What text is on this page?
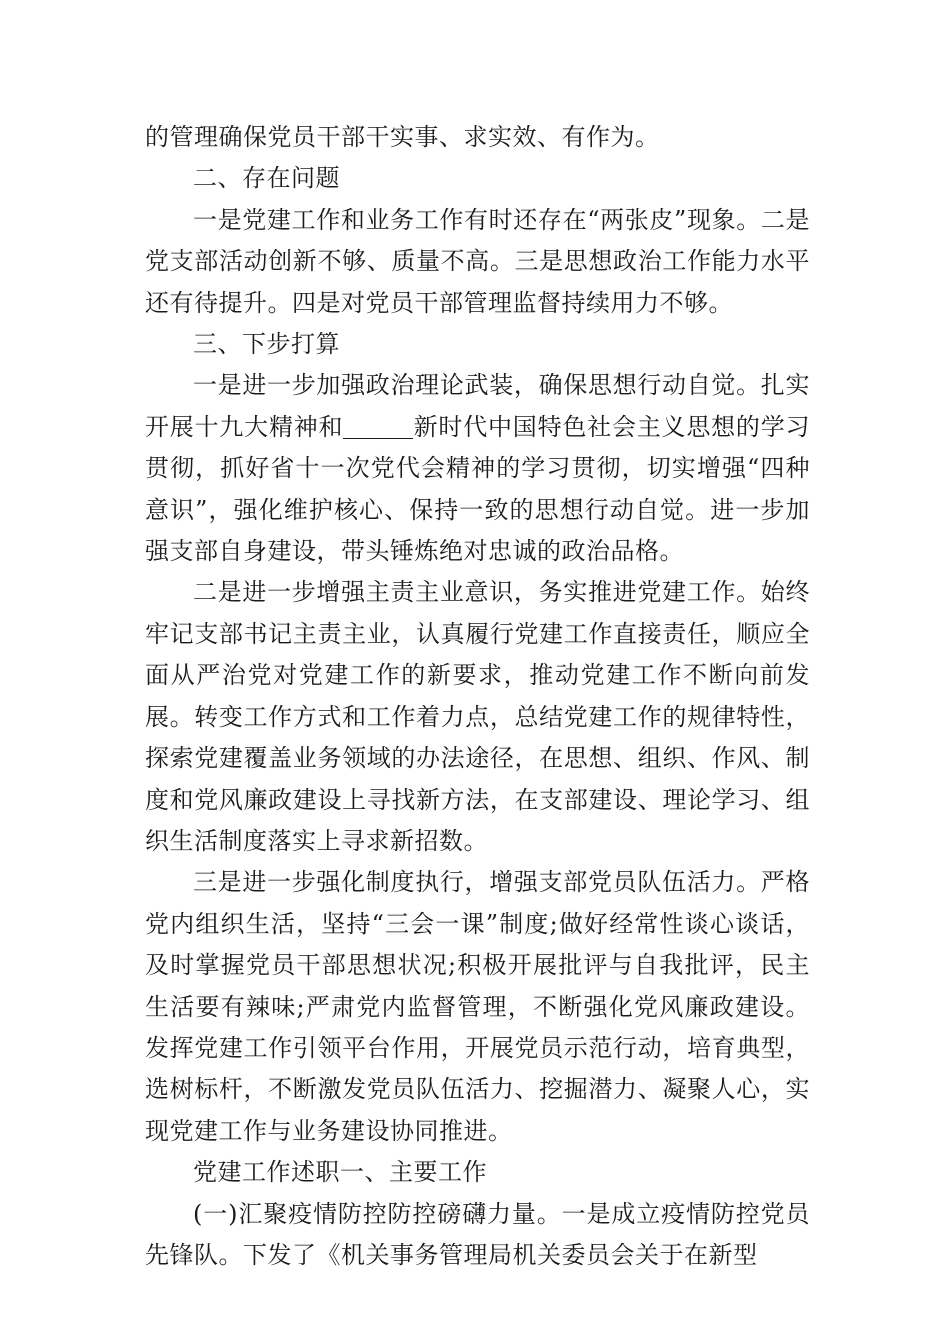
的管理确保党员干部干实事、求实效、有作为。

二、存在问题

一是党建工作和业务工作有时还存在“两张皮”现象。二是党支部活动创新不够、质量不高。三是思想政治工作能力水平还有待提升。四是对党员干部管理监督持续用力不够。

三、下步打算

一是进一步加强政治理论武装，确保思想行动自觉。扎实开展十九大精神和	新时代中国特色社会主义思想的学习贯彻，抓好省十一次党代会精神的学习贯彻，切实增强“四种意识”，强化维护核心、保持一致的思想行动自觉。进一步加强支部自身建设，带头锤炼绝对忠诚的政治品格。

二是进一步增强主责主业意识，务实推进党建工作。始终牢记支部书记主责主业，认真履行党建工作直接责任，顺应全面从严治党对党建工作的新要求，推动党建工作不断向前发展。转变工作方式和工作着力点，总结党建工作的规律特性，探索党建覆盖业务领域的办法途径，在思想、组织、作风、制度和党风廉政建设上寻找新方法，在支部建设、理论学习、组织生活制度落实上寻求新招数。

三是进一步强化制度执行，增强支部党员队伍活力。严格党内组织生活，坚持“三会一课”制度;做好经常性谈心谈话，及时掌握党员干部思想状况;积极开展批评与自我批评，民主生活要有辣味;严肃党内监督管理，不断强化党风廉政建设。发挥党建工作引领平台作用，开展党员示范行动，培育典型，选树标杆，不断激发党员队伍活力、挖掘潜力、凝聚人心，实现党建工作与业务建设协同推进。

党建工作述职一、主要工作

(一)汇聚疫情防控防控磅礴力量。一是成立疫情防控党员先锋队。下发了《机关事务管理局机关委员会关于在新型
